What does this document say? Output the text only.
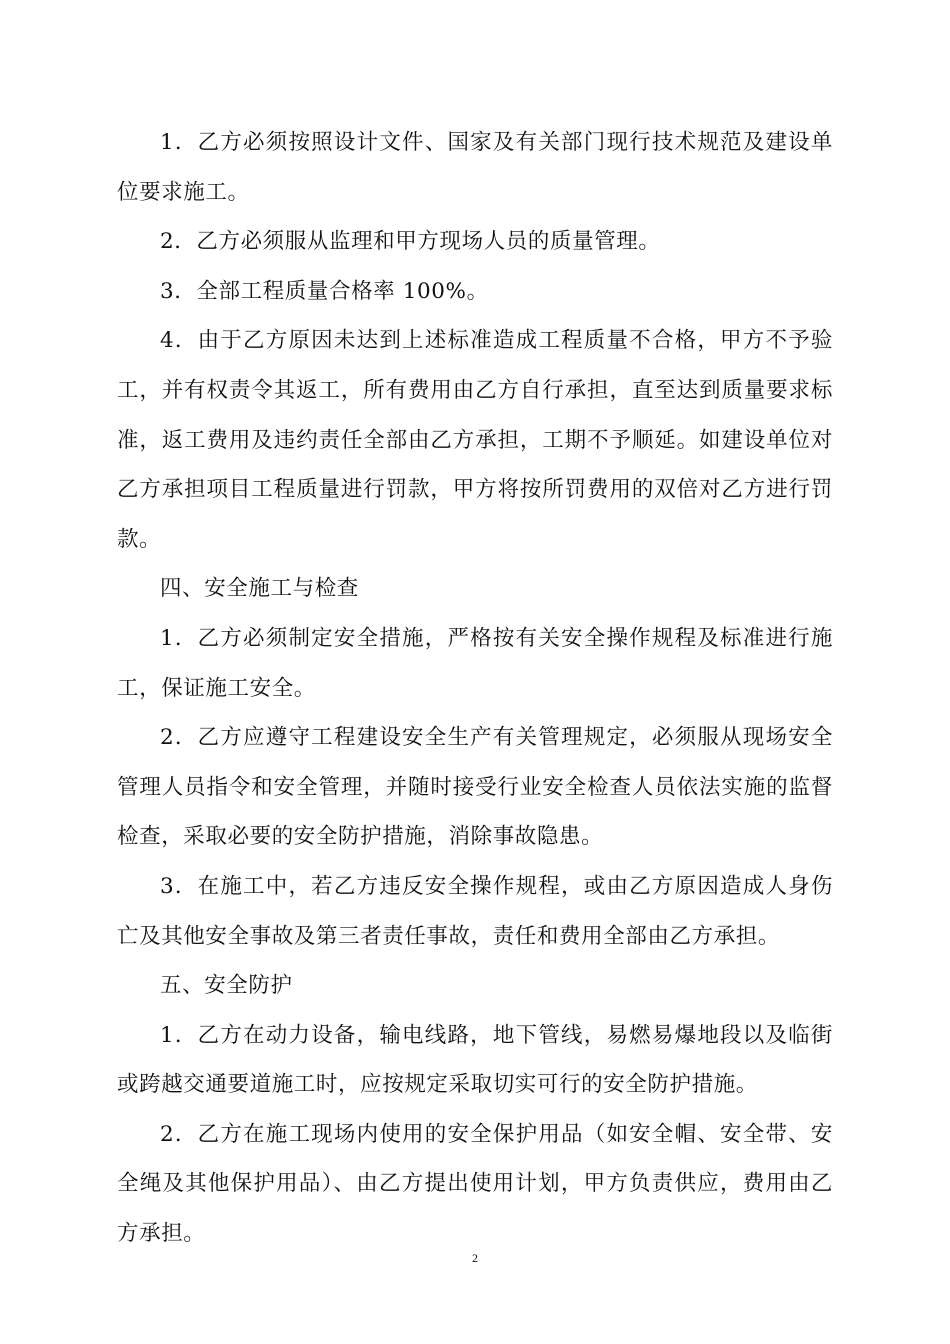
1．乙方必须按照设计文件、国家及有关部门现行技术规范及建设单位要求施工。

2．乙方必须服从监理和甲方现场人员的质量管理。

3．全部工程质量合格率 100%。

4．由于乙方原因未达到上述标准造成工程质量不合格，甲方不予验工，并有权责令其返工，所有费用由乙方自行承担，直至达到质量要求标准，返工费用及违约责任全部由乙方承担，工期不予顺延。如建设单位对乙方承担项目工程质量进行罚款，甲方将按所罚费用的双倍对乙方进行罚款。

四、安全施工与检查

1．乙方必须制定安全措施，严格按有关安全操作规程及标准进行施工，保证施工安全。

2．乙方应遵守工程建设安全生产有关管理规定，必须服从现场安全管理人员指令和安全管理，并随时接受行业安全检查人员依法实施的监督检查，采取必要的安全防护措施，消除事故隐患。

3．在施工中，若乙方违反安全操作规程，或由乙方原因造成人身伤亡及其他安全事故及第三者责任事故，责任和费用全部由乙方承担。

五、安全防护

1．乙方在动力设备，输电线路，地下管线，易燃易爆地段以及临街或跨越交通要道施工时，应按规定采取切实可行的安全防护措施。

2．乙方在施工现场内使用的安全保护用品（如安全帽、安全带、安全绳及其他保护用品）、由乙方提出使用计划，甲方负责供应，费用由乙方承担。

2
